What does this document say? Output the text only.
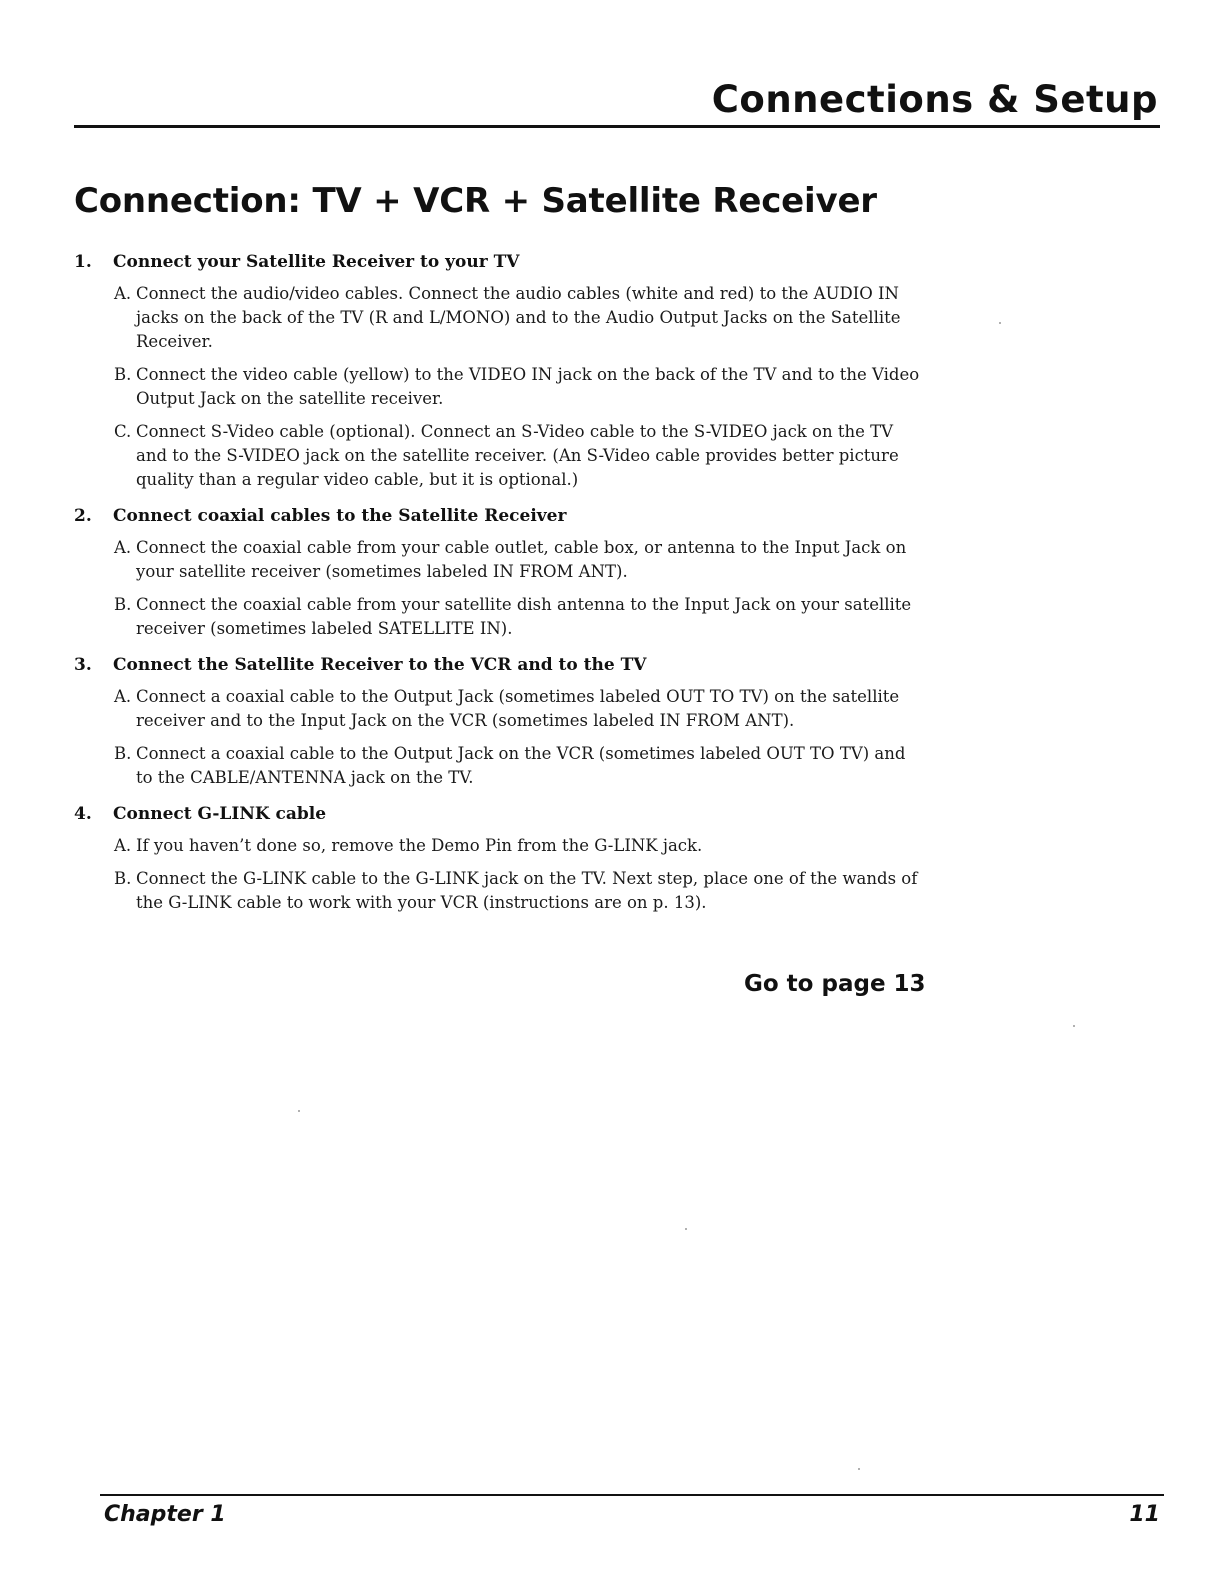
Connections & Setup
Connection: TV + VCR + Satellite Receiver
1. Connect your Satellite Receiver to your TV
A. Connect the audio/video cables. Connect the audio cables (white and red) to the AUDIO IN jacks on the back of the TV (R and L/MONO) and to the Audio Output Jacks on the Satellite Receiver.
B. Connect the video cable (yellow) to the VIDEO IN jack on the back of the TV and to the Video Output Jack on the satellite receiver.
C. Connect S-Video cable (optional). Connect an S-Video cable to the S-VIDEO jack on the TV and to the S-VIDEO jack on the satellite receiver. (An S-Video cable provides better picture quality than a regular video cable, but it is optional.)
2. Connect coaxial cables to the Satellite Receiver
A. Connect the coaxial cable from your cable outlet, cable box, or antenna to the Input Jack on your satellite receiver (sometimes labeled IN FROM ANT).
B. Connect the coaxial cable from your satellite dish antenna to the Input Jack on your satellite receiver (sometimes labeled SATELLITE IN).
3. Connect the Satellite Receiver to the VCR and to the TV
A. Connect a coaxial cable to the Output Jack (sometimes labeled OUT TO TV) on the satellite receiver and to the Input Jack on the VCR (sometimes labeled IN FROM ANT).
B. Connect a coaxial cable to the Output Jack on the VCR (sometimes labeled OUT TO TV) and to the CABLE/ANTENNA jack on the TV.
4. Connect G-LINK cable
A. If you haven’t done so, remove the Demo Pin from the G-LINK jack.
B. Connect the G-LINK cable to the G-LINK jack on the TV. Next step, place one of the wands of the G-LINK cable to work with your VCR (instructions are on p. 13).
Go to page 13
Chapter 1	11
